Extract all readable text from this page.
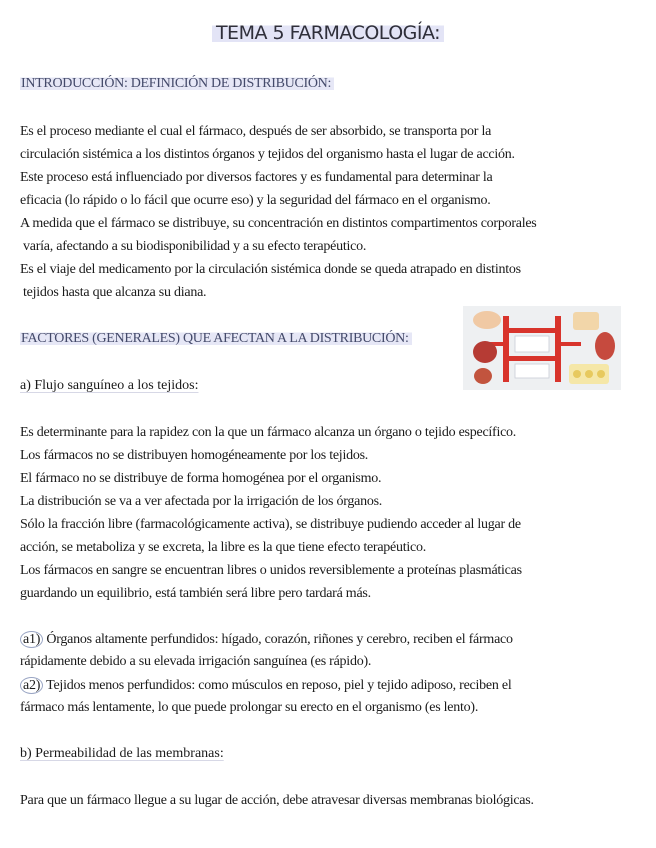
TEMA 5 FARMACOLOGÍA:
INTRODUCCIÓN: DEFINICIÓN DE DISTRIBUCIÓN:
Es el proceso mediante el cual el fármaco, después de ser absorbido, se transporta por la
circulación sistémica a los distintos órganos y tejidos del organismo hasta el lugar de acción.
Este proceso está influenciado por diversos factores y es fundamental para determinar la
eficacia (lo rápido o lo fácil que ocurre eso) y la seguridad del fármaco en el organismo.
A medida que el fármaco se distribuye, su concentración en distintos compartimentos corporales
varía, afectando a su biodisponibilidad y a su efecto terapéutico.
Es el viaje del medicamento por la circulación sistémica donde se queda atrapado en distintos
tejidos hasta que alcanza su diana.
FACTORES (GENERALES) QUE AFECTAN A LA DISTRIBUCIÓN:
a) Flujo sanguíneo a los tejidos:
Es determinante para la rapidez con la que un fármaco alcanza un órgano o tejido específico.
Los fármacos no se distribuyen homogéneamente por los tejidos.
El fármaco no se distribuye de forma homogénea por el organismo.
La distribución se va a ver afectada por la irrigación de los órganos.
Sólo la fracción libre (farmacológicamente activa), se distribuye pudiendo acceder al lugar de
acción, se metaboliza y se excreta, la libre es la que tiene efecto terapéutico.
Los fármacos en sangre se encuentran libres o unidos reversiblemente a proteínas plasmáticas
guardando un equilibrio, está también será libre pero tardará más.
a1) Órganos altamente perfundidos: hígado, corazón, riñones y cerebro, reciben el fármaco
rápidamente debido a su elevada irrigación sanguínea (es rápido).
a2) Tejidos menos perfundidos: como músculos en reposo, piel y tejido adiposo, reciben el
fármaco más lentamente, lo que puede prolongar su erecto en el organismo (es lento).
b) Permeabilidad de las membranas:
Para que un fármaco llegue a su lugar de acción, debe atravesar diversas membranas biológicas.
